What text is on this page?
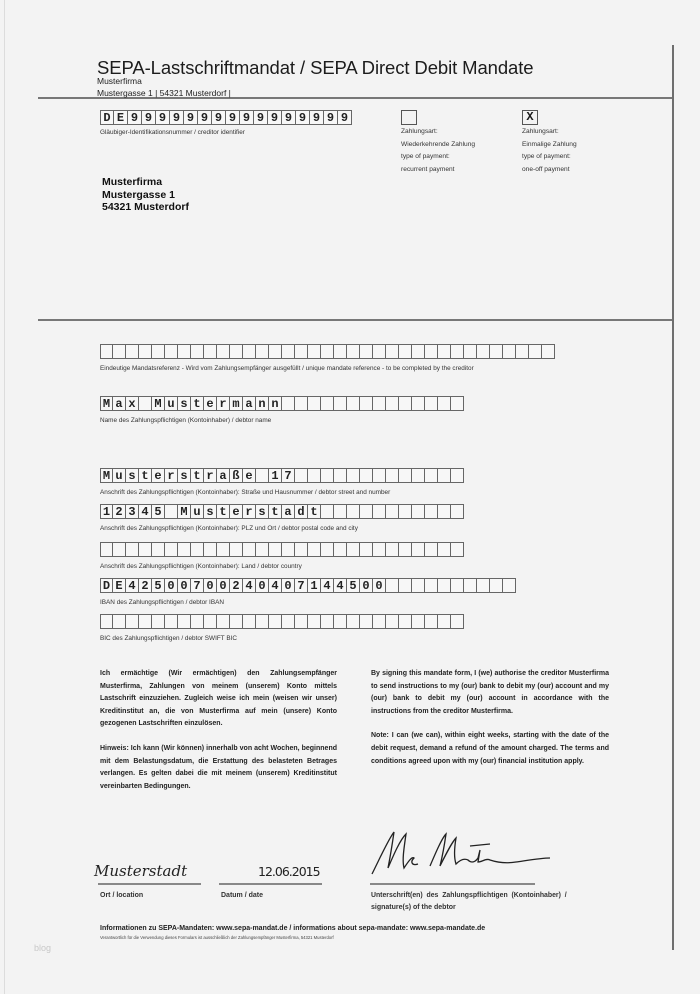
SEPA-Lastschriftmandat / SEPA Direct Debit Mandate
Musterfirma
Mustergasse 1 | 54321 Musterdorf |
D E 9 9 9 9 9 9 9 9 9 9 9 9 9 9 9 9
Gläubiger-Identifikationsnummer / creditor identifier	Zahlungsart:
Wiederkehrende Zahlung
type of payment:
recurrent payment
X
Zahlungsart:
Einmalige Zahlung
type of payment:
one-off payment
Musterfirma
Mustergasse 1
54321 Musterdorf
Eindeutige Mandatsreferenz - Wird vom Zahlungsempfänger ausgefüllt / unique mandate reference - to be completed by the creditor
M a x M u s t e r m a n n
Name des Zahlungspflichtigen (Kontoinhaber) / debtor name
M u s t e r s t r a ß e 1 7
Anschrift des Zahlungspflichtigen (Kontoinhaber): Straße und Hausnummer / debtor street and number
1 2 3 4 5 M u s t e r s t a d t
Anschrift des Zahlungspflichtigen (Kontoinhaber): PLZ und Ort / debtor postal code and city
Anschrift des Zahlungspflichtigen (Kontoinhaber): Land / debtor country
D E 4 2 5 0 0 7 0 0 2 4 0 4 0 7 1 4 4 5 0 0
IBAN des Zahlungspflichtigen / debtor IBAN
BIC des Zahlungspflichtigen / debtor SWIFT BIC

Ich ermächtige (Wir ermächtigen) den Zahlungsempfänger Musterfirma, Zahlungen von meinem (unserem) Konto mittels Lastschrift einzuziehen. Zugleich weise ich mein (weisen wir unser) Kreditinstitut an, die von Musterfirma auf mein (unsere) Konto gezogenen Lastschriften einzulösen.

Hinweis: Ich kann (Wir können) innerhalb von acht Wochen, beginnend mit dem Belastungsdatum, die Erstattung des belasteten Betrages verlangen. Es gelten dabei die mit meinem (unserem) Kreditinstitut vereinbarten Bedingungen.

By signing this mandate form, I (we) authorise the creditor Musterfirma to send instructions to my (our) bank to debit my (our) account and my (our) bank to debit my (our) account in accordance with the instructions from the creditor Musterfirma.

Note: I can (we can), within eight weeks, starting with the date of the debit request, demand a refund of the amount charged. The terms and conditions agreed upon with my (our) financial institution apply.

Musterstadt
Ort / location
12.06.2015
Datum / date	Unterschrift(en)  des  Zahlungspflichtigen  (Kontoinhaber)  /
signature(s) of the debtor
Informationen zu SEPA-Mandaten: www.sepa-mandat.de / informations about sepa-mandate: www.sepa-mandate.de
Verantwortlich für die Verwendung dieses Formulars ist ausschließlich der Zahlungsempfänger Musterfirma, 54321 Musterdorf
blog
